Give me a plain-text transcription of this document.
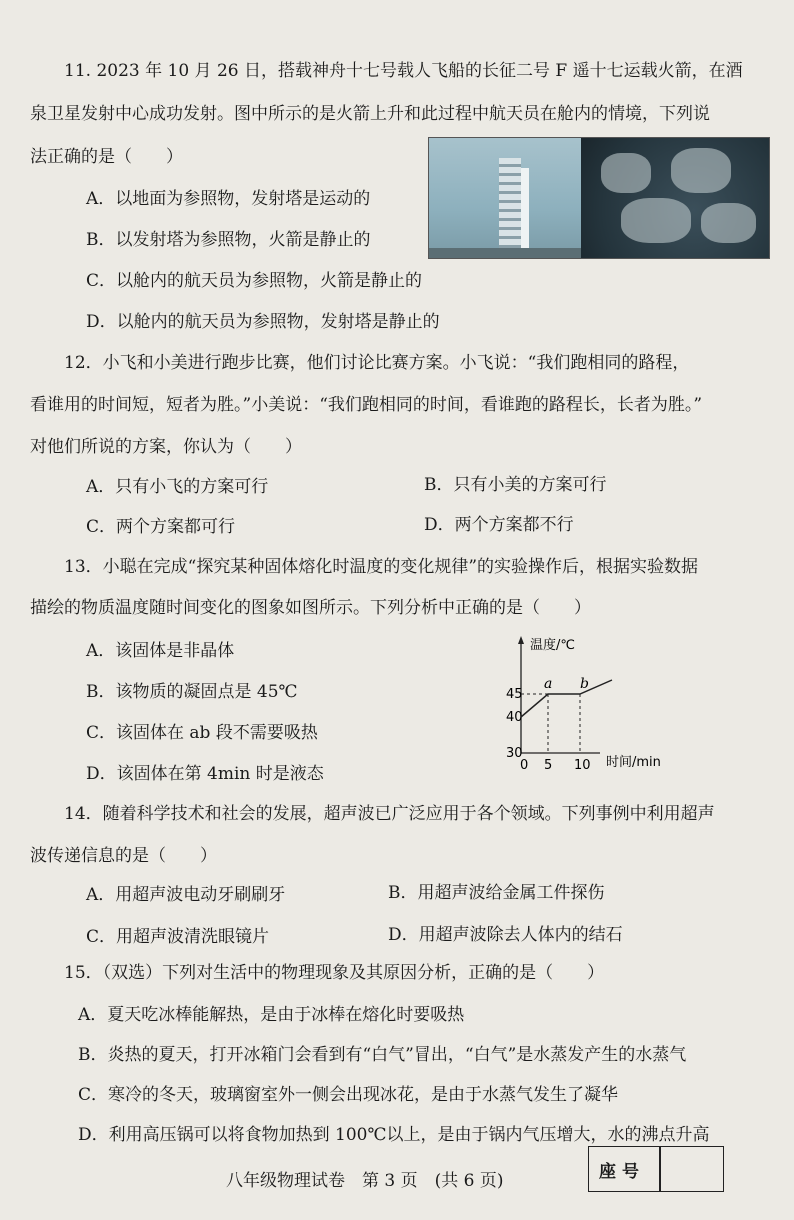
11. 2023 年 10 月 26 日，搭载神舟十七号载人飞船的长征二号 F 遥十七运载火箭，在酒
泉卫星发射中心成功发射。图中所示的是火箭上升和此过程中航天员在舱内的情境，下列说
法正确的是（　　）
A．以地面为参照物，发射塔是运动的
B．以发射塔为参照物，火箭是静止的
C．以舱内的航天员为参照物，火箭是静止的
D．以舱内的航天员为参照物，发射塔是静止的
12．小飞和小美进行跑步比赛，他们讨论比赛方案。小飞说：“我们跑相同的路程，
看谁用的时间短，短者为胜。”小美说：“我们跑相同的时间，看谁跑的路程长，长者为胜。”
对他们所说的方案，你认为（　　）
A．只有小飞的方案可行	B．只有小美的方案可行
C．两个方案都可行	D．两个方案都不行
13．小聪在完成“探究某种固体熔化时温度的变化规律”的实验操作后，根据实验数据
描绘的物质温度随时间变化的图象如图所示。下列分析中正确的是（　　）
A．该固体是非晶体
B．该物质的凝固点是 45℃
C．该固体在 ab 段不需要吸热
D．该固体在第 4min 时是液态
温度/℃
45
40
30
0 5 10 时间/min
a b
14．随着科学技术和社会的发展，超声波已广泛应用于各个领域。下列事例中利用超声
波传递信息的是（　　）
A．用超声波电动牙刷刷牙	B．用超声波给金属工件探伤
C．用超声波清洗眼镜片	D．用超声波除去人体内的结石
15．（双选）下列对生活中的物理现象及其原因分析，正确的是（　　）
A．夏天吃冰棒能解热，是由于冰棒在熔化时要吸热
B．炎热的夏天，打开冰箱门会看到有“白气”冒出，“白气”是水蒸发产生的水蒸气
C．寒冷的冬天，玻璃窗室外一侧会出现冰花，是由于水蒸气发生了凝华
D．利用高压锅可以将食物加热到 100℃以上，是由于锅内气压增大，水的沸点升高
八年级物理试卷　第 3 页　(共 6 页)	座号
